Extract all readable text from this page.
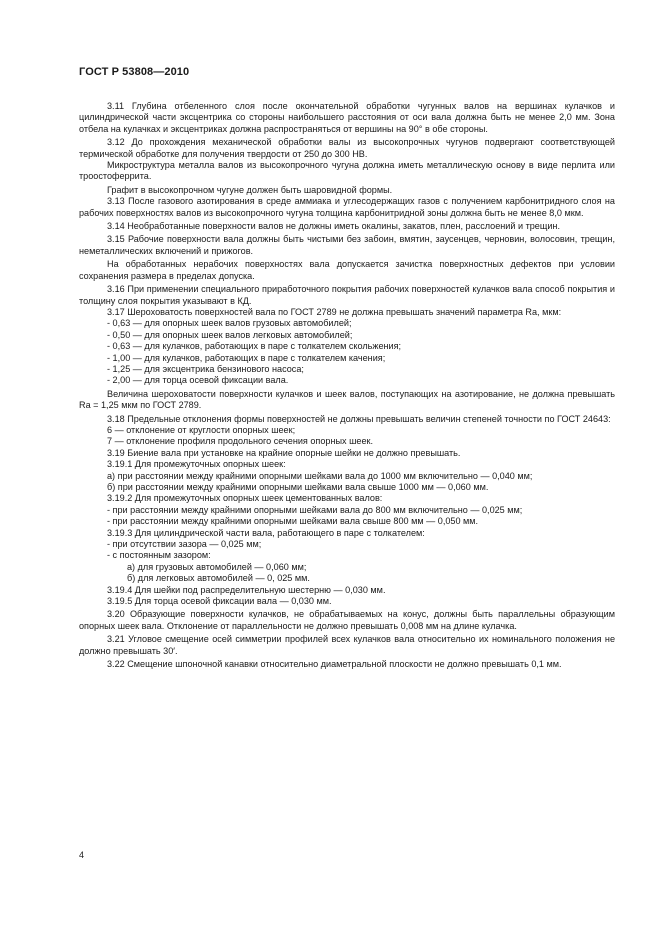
ГОСТ Р 53808—2010

3.11 Глубина отбеленного слоя после окончательной обработки чугунных валов на вершинах кулачков и цилиндрической части эксцентрика со стороны наибольшего расстояния от оси вала должна быть не менее 2,0 мм. Зона отбела на кулачках и эксцентриках должна распространяться от вершины на 90° в обе стороны.

3.12 До прохождения механической обработки валы из высокопрочных чугунов подвергают соответствующей термической обработке для получения твердости от 250 до 300 НВ.

Микроструктура металла валов из высокопрочного чугуна должна иметь металлическую основу в виде перлита или троостоферрита.

Графит в высокопрочном чугуне должен быть шаровидной формы.

3.13 После газового азотирования в среде аммиака и углесодержащих газов с получением карбонитридного слоя на рабочих поверхностях валов из высокопрочного чугуна толщина карбонитридной зоны должна быть не менее 8,0 мкм.

3.14 Необработанные поверхности валов не должны иметь окалины, закатов, плен, расслоений и трещин.

3.15 Рабочие поверхности вала должны быть чистыми без забоин, вмятин, заусенцев, черновин, волосовин, трещин, неметаллических включений и прижогов.

На обработанных нерабочих поверхностях вала допускается зачистка поверхностных дефектов при условии сохранения размера в пределах допуска.

3.16 При применении специального приработочного покрытия рабочих поверхностей кулачков вала способ покрытия и толщину слоя покрытия указывают в КД.

3.17 Шероховатость поверхностей вала по ГОСТ 2789 не должна превышать значений параметра Ra, мкм:

- 0,63 — для опорных шеек валов грузовых автомобилей;

- 0,50 — для опорных шеек валов легковых автомобилей;

- 0,63 — для кулачков, работающих в паре с толкателем скольжения;

- 1,00 — для кулачков, работающих в паре с толкателем качения;

- 1,25 — для эксцентрика бензинового насоса;

- 2,00 — для торца осевой фиксации вала.

Величина шероховатости поверхности кулачков и шеек валов, поступающих на азотирование, не должна превышать Ra = 1,25 мкм по ГОСТ 2789.

3.18 Предельные отклонения формы поверхностей не должны превышать величин степеней точности по ГОСТ 24643:

6 — отклонение от круглости опорных шеек;

7 — отклонение профиля продольного сечения опорных шеек.

3.19 Биение вала при установке на крайние опорные шейки не должно превышать.

3.19.1 Для промежуточных опорных шеек:

а) при расстоянии между крайними опорными шейками вала до 1000 мм включительно — 0,040 мм;

б) при расстоянии между крайними опорными шейками вала свыше 1000 мм — 0,060 мм.

3.19.2 Для промежуточных опорных шеек цементованных валов:

- при расстоянии между крайними опорными шейками вала до 800 мм включительно — 0,025 мм;

- при расстоянии между крайними опорными шейками вала свыше 800 мм — 0,050 мм.

3.19.3 Для цилиндрической части вала, работающего в паре с толкателем:

- при отсутствии зазора — 0,025 мм;

- с постоянным зазором:

а) для грузовых автомобилей — 0,060 мм;

б) для легковых автомобилей — 0, 025 мм.

3.19.4 Для шейки под распределительную шестерню — 0,030 мм.

3.19.5 Для торца осевой фиксации вала — 0,030 мм.

3.20 Образующие поверхности кулачков, не обрабатываемых на конус, должны быть параллельны образующим опорных шеек вала. Отклонение от параллельности не должно превышать 0,008 мм на длине кулачка.

3.21 Угловое смещение осей симметрии профилей всех кулачков вала относительно их номинального положения не должно превышать 30′.

3.22 Смещение шпоночной канавки относительно диаметральной плоскости не должно превышать 0,1 мм.

4
